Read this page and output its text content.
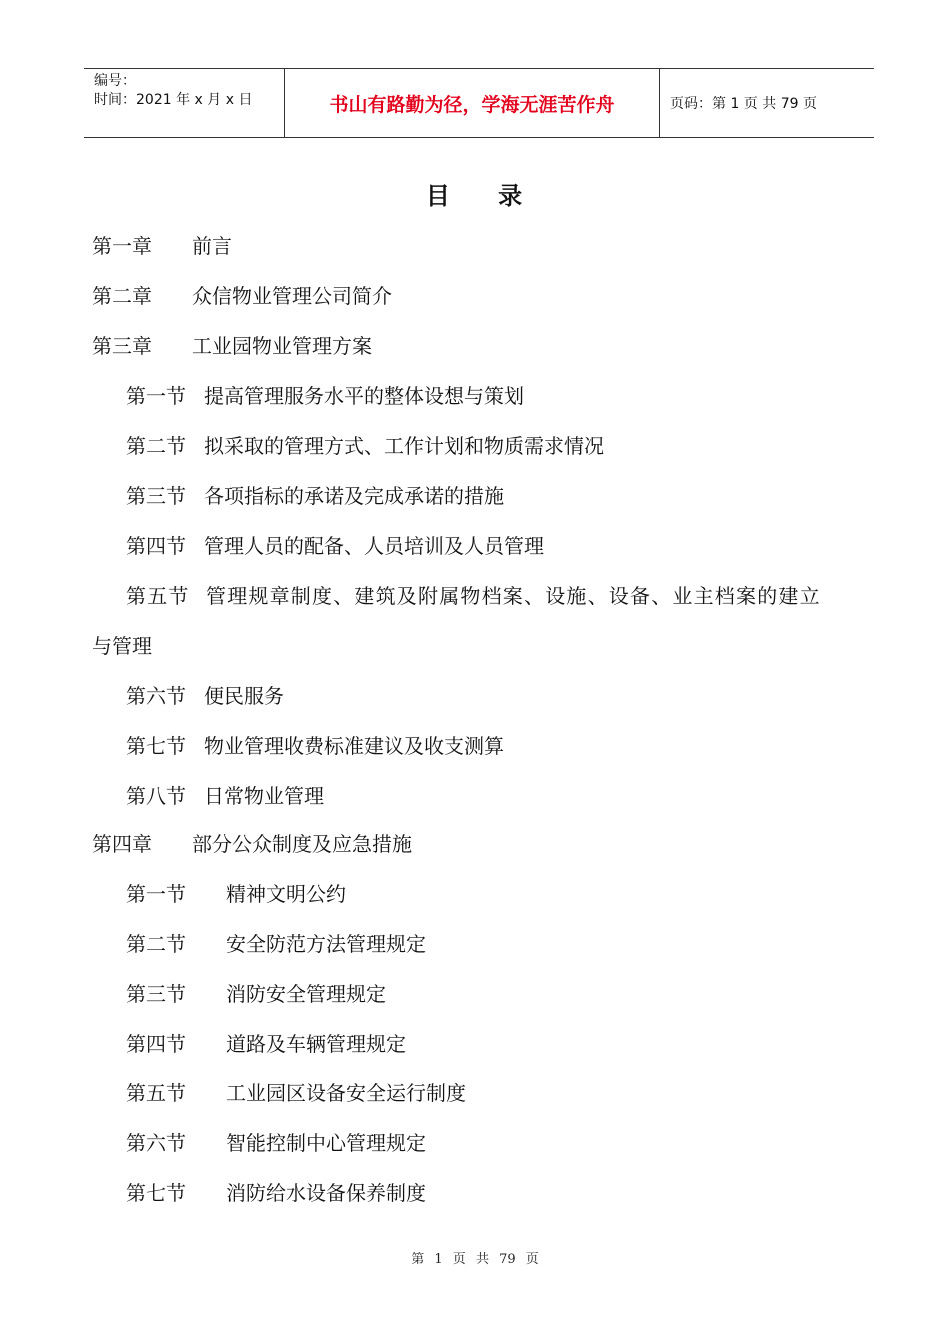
编号：
时间：2021 年 x 月 x 日	书山有路勤为径，学海无涯苦作舟	页码：第 1 页 共 79 页
目 录
第一章 前言
第二章 众信物业管理公司简介
第三章 工业园物业管理方案
第一节 提高管理服务水平的整体设想与策划
第二节 拟采取的管理方式、工作计划和物质需求情况
第三节 各项指标的承诺及完成承诺的措施
第四节 管理人员的配备、人员培训及人员管理
第五节 管理规章制度、建筑及附属物档案、设施、设备、业主档案的建立
与管理
第六节 便民服务
第七节 物业管理收费标准建议及收支测算
第八节 日常物业管理
第四章 部分公众制度及应急措施
第一节 精神文明公约
第二节 安全防范方法管理规定
第三节 消防安全管理规定
第四节 道路及车辆管理规定
第五节 工业园区设备安全运行制度
第六节 智能控制中心管理规定
第七节 消防给水设备保养制度
第 1 页 共 79 页
